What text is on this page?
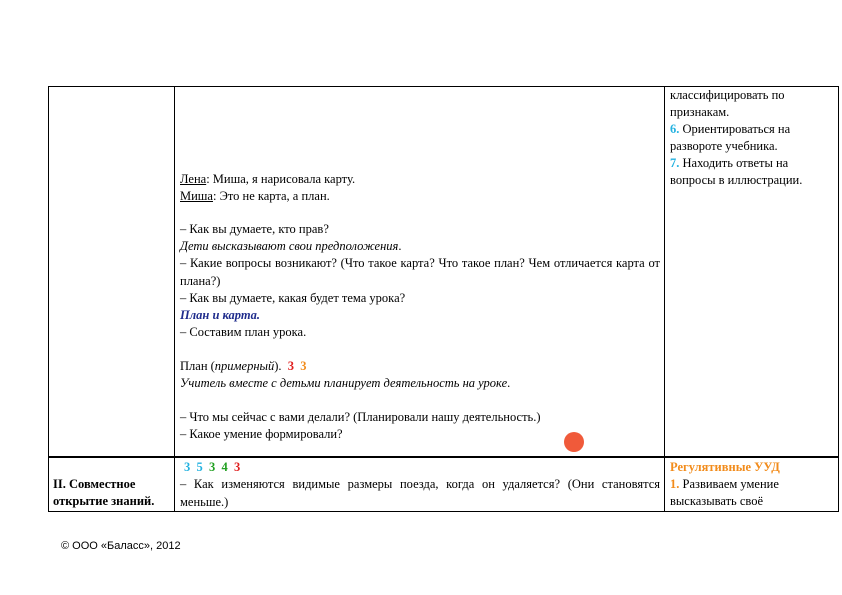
Лена: Миша, я нарисовала карту.
Миша: Это не карта, а план.
– Как вы думаете, кто прав?
Дети высказывают свои предположения.
– Какие вопросы возникают? (Что такое карта? Что такое план? Чем отличается карта от плана?)
– Как вы думаете, какая будет тема урока?
План и карта.
– Составим план урока.
План (примерный). 3 3
Учитель вместе с детьми планирует деятельность на уроке.
– Что мы сейчас с вами делали? (Планировали нашу деятельность.)
– Какое умение формировали?
классифицировать по
признакам.
6. Ориентироваться на
развороте учебника.
7. Находить ответы на
вопросы в иллюстрации.
II. Совместное
открытие знаний.
3 5 3 4 3
– Как изменяются видимые размеры поезда, когда он удаляется? (Они становятся меньше.)
Регулятивные УУД
1. Развиваем умение
высказывать своё
© ООО «Баласс», 2012
